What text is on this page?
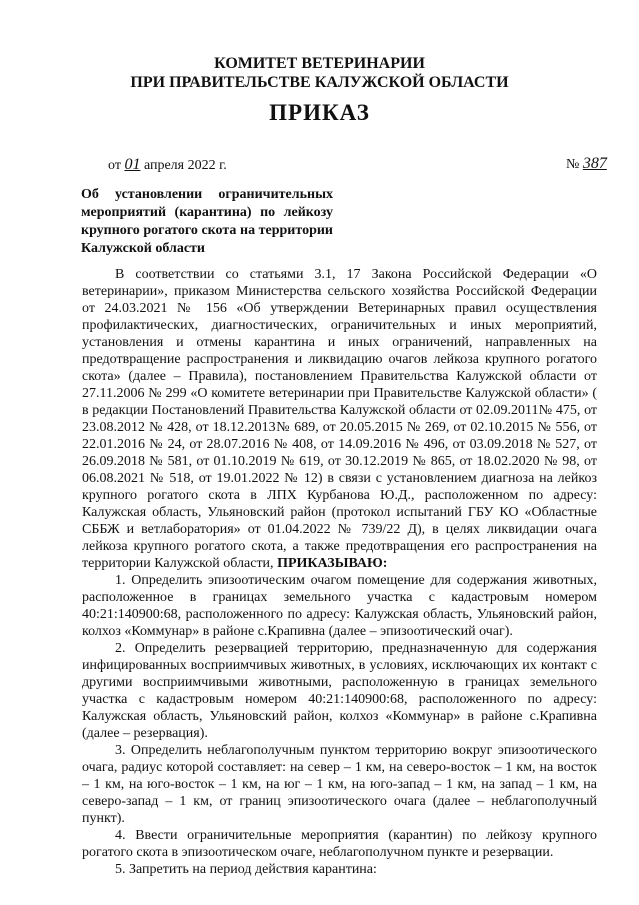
КОМИТЕТ ВЕТЕРИНАРИИ
ПРИ ПРАВИТЕЛЬСТВЕ КАЛУЖСКОЙ ОБЛАСТИ
ПРИКАЗ
от 01 апреля 2022 г.	№ 387
Об установлении ограничительных мероприятий (карантина) по лейкозу крупного рогатого скота на территории Калужской области

В соответствии со статьями 3.1, 17 Закона Российской Федерации «О ветеринарии», приказом Министерства сельского хозяйства Российской Федерации от 24.03.2021 № 156 «Об утверждении Ветеринарных правил осуществления профилактических, диагностических, ограничительных и иных мероприятий, установления и отмены карантина и иных ограничений, направленных на предотвращение распространения и ликвидацию очагов лейкоза крупного рогатого скота» (далее – Правила), постановлением Правительства Калужской области от 27.11.2006 № 299 «О комитете ветеринарии при Правительстве Калужской области» ( в редакции Постановлений Правительства Калужской области от 02.09.2011№ 475, от 23.08.2012 № 428, от 18.12.2013№ 689, от 20.05.2015 № 269, от 02.10.2015 № 556, от 22.01.2016 № 24, от 28.07.2016 № 408, от 14.09.2016 № 496, от 03.09.2018 № 527, от 26.09.2018 № 581, от 01.10.2019 № 619, от 30.12.2019 № 865, от 18.02.2020 № 98, от 06.08.2021 № 518, от 19.01.2022 № 12) в связи с установлением диагноза на лейкоз крупного рогатого скота в ЛПХ Курбанова Ю.Д., расположенном по адресу: Калужская область, Ульяновский район (протокол испытаний ГБУ КО «Областные СББЖ и ветлаборатория» от 01.04.2022 № 739/22 Д), в целях ликвидации очага лейкоза крупного рогатого скота, а также предотвращения его распространения на территории Калужской области, ПРИКАЗЫВАЮ:

1. Определить эпизоотическим очагом помещение для содержания животных, расположенное в границах земельного участка с кадастровым номером 40:21:140900:68, расположенного по адресу: Калужская область, Ульяновский район, колхоз «Коммунар» в районе с.Крапивна (далее – эпизоотический очаг).

2. Определить резервацией территорию, предназначенную для содержания инфицированных восприимчивых животных, в условиях, исключающих их контакт с другими восприимчивыми животными, расположенную в границах земельного участка с кадастровым номером 40:21:140900:68, расположенного по адресу: Калужская область, Ульяновский район, колхоз «Коммунар» в районе с.Крапивна (далее – резервация).

3. Определить неблагополучным пунктом территорию вокруг эпизоотического очага, радиус которой составляет: на север – 1 км, на северо-восток – 1 км, на восток – 1 км, на юго-восток – 1 км, на юг – 1 км, на юго-запад – 1 км, на запад – 1 км, на северо-запад – 1 км, от границ эпизоотического очага (далее – неблагополучный пункт).

4. Ввести ограничительные мероприятия (карантин) по лейкозу крупного рогатого скота в эпизоотическом очаге, неблагополучном пункте и резервации.

5. Запретить на период действия карантина:
